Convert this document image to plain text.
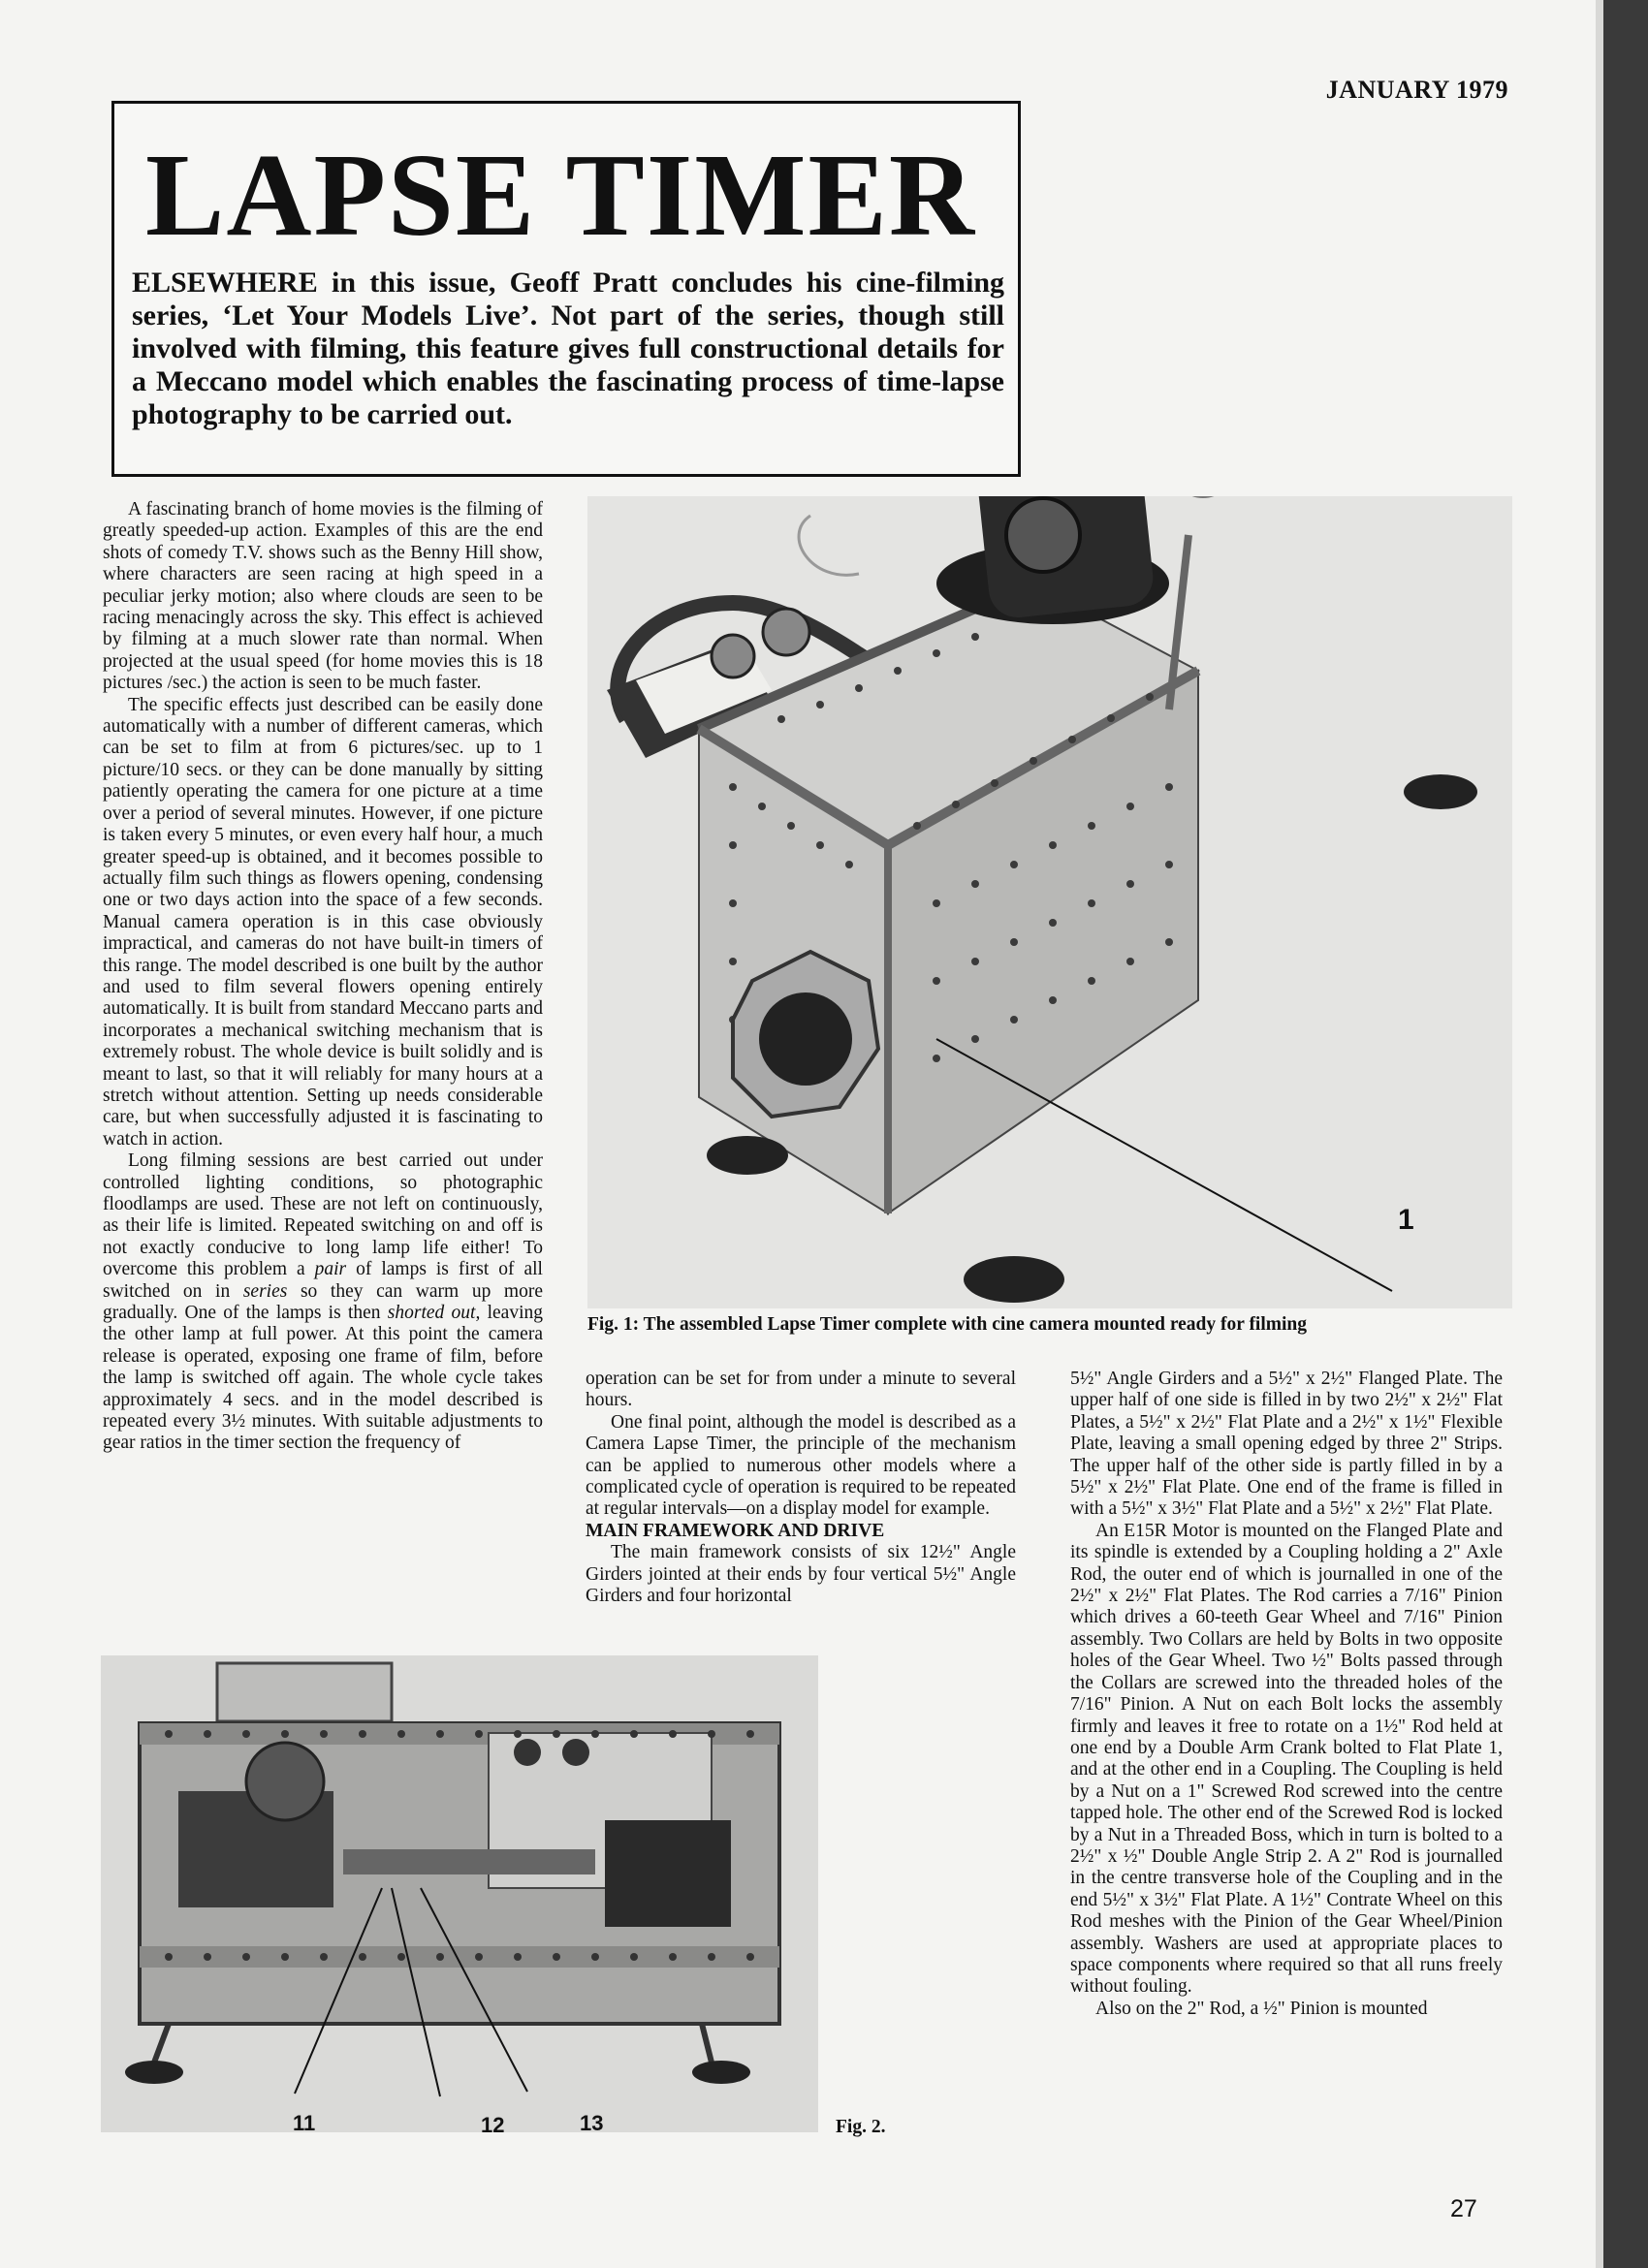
JANUARY 1979
LAPSE TIMER

ELSEWHERE in this issue, Geoff Pratt concludes his cine-filming series, ‘Let Your Models Live’. Not part of the series, though still involved with filming, this feature gives full constructional details for a Meccano model which enables the fascinating process of time-lapse photography to be carried out.

A fascinating branch of home movies is the filming of greatly speeded-up action. Examples of this are the end shots of comedy T.V. shows such as the Benny Hill show, where characters are seen racing at high speed in a peculiar jerky motion; also where clouds are seen to be racing menacingly across the sky. This effect is achieved by filming at a much slower rate than normal. When projected at the usual speed (for home movies this is 18 pictures /sec.) the action is seen to be much faster.

The specific effects just described can be easily done automatically with a number of different cameras, which can be set to film at from 6 pictures/sec. up to 1 picture/10 secs. or they can be done manually by sitting patiently operating the camera for one picture at a time over a period of several minutes. However, if one picture is taken every 5 minutes, or even every half hour, a much greater speed-up is obtained, and it becomes possible to actually film such things as flowers opening, condensing one or two days action into the space of a few seconds. Manual camera operation is in this case obviously impractical, and cameras do not have built-in timers of this range. The model described is one built by the author and used to film several flowers opening entirely automatically. It is built from standard Meccano parts and incorporates a mechanical switching mechanism that is extremely robust. The whole device is built solidly and is meant to last, so that it will reliably for many hours at a stretch without attention. Setting up needs considerable care, but when successfully adjusted it is fascinating to watch in action.

Long filming sessions are best carried out under controlled lighting conditions, so photographic floodlamps are used. These are not left on continuously, as their life is limited. Repeated switching on and off is not exactly conducive to long lamp life either! To overcome this problem a pair of lamps is first of all switched on in series so they can warm up more gradually. One of the lamps is then shorted out, leaving the other lamp at full power. At this point the camera release is operated, exposing one frame of film, before the lamp is switched off again. The whole cycle takes approximately 4 secs. and in the model described is repeated every 3½ minutes. With suitable adjustments to gear ratios in the timer section the frequency of

1

Fig. 1: The assembled Lapse Timer complete with cine camera mounted ready for filming

operation can be set for from under a minute to several hours.

One final point, although the model is described as a Camera Lapse Timer, the principle of the mechanism can be applied to numerous other models where a complicated cycle of operation is required to be repeated at regular intervals—on a display model for example.

MAIN FRAMEWORK AND DRIVE

The main framework consists of six 12½" Angle Girders jointed at their ends by four vertical 5½" Angle Girders and four horizontal

5½" Angle Girders and a 5½" x 2½" Flanged Plate. The upper half of one side is filled in by two 2½" x 2½" Flat Plates, a 5½" x 2½" Flat Plate and a 2½" x 1½" Flexible Plate, leaving a small opening edged by three 2" Strips. The upper half of the other side is partly filled in by a 5½" x 2½" Flat Plate. One end of the frame is filled in with a 5½" x 3½" Flat Plate and a 5½" x 2½" Flat Plate.

An E15R Motor is mounted on the Flanged Plate and its spindle is extended by a Coupling holding a 2" Axle Rod, the outer end of which is journalled in one of the 2½" x 2½" Flat Plates. The Rod carries a 7/16" Pinion which drives a 60-teeth Gear Wheel and 7/16" Pinion assembly. Two Collars are held by Bolts in two opposite holes of the Gear Wheel. Two ½" Bolts passed through the Collars are screwed into the threaded holes of the 7/16" Pinion. A Nut on each Bolt locks the assembly firmly and leaves it free to rotate on a 1½" Rod held at one end by a Double Arm Crank bolted to Flat Plate 1, and at the other end in a Coupling. The Coupling is held by a Nut on a 1" Screwed Rod screwed into the centre tapped hole. The other end of the Screwed Rod is locked by a Nut in a Threaded Boss, which in turn is bolted to a 2½" x ½" Double Angle Strip 2. A 2" Rod is journalled in the centre transverse hole of the Coupling and in the end 5½" x 3½" Flat Plate. A 1½" Contrate Wheel on this Rod meshes with the Pinion of the Gear Wheel/Pinion assembly. Washers are used at appropriate places to space components where required so that all runs freely without fouling.

Also on the 2" Rod, a ½" Pinion is mounted

11	12	13	Fig. 2.

27
